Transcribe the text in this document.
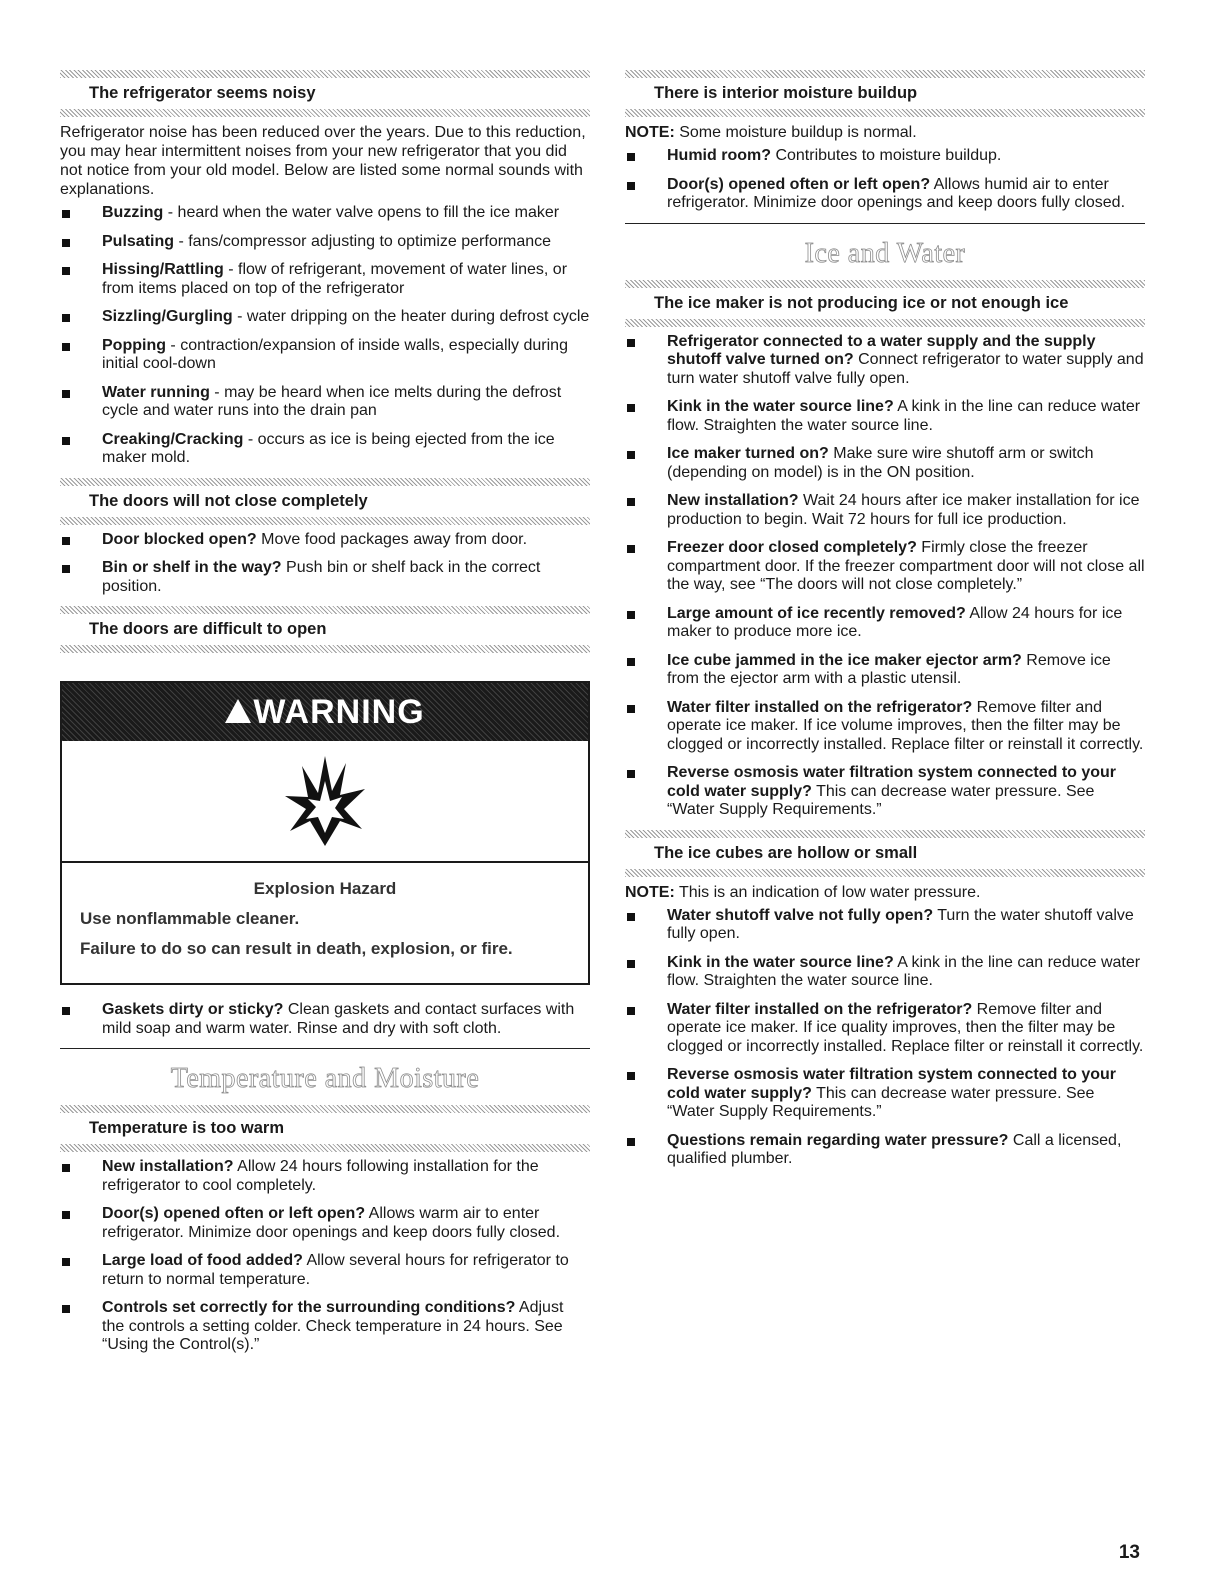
The refrigerator seems noisy

Refrigerator noise has been reduced over the years. Due to this reduction, you may hear intermittent noises from your new refrigerator that you did not notice from your old model. Below are listed some normal sounds with explanations.

Buzzing - heard when the water valve opens to fill the ice maker
Pulsating - fans/compressor adjusting to optimize performance
Hissing/Rattling - flow of refrigerant, movement of water lines, or from items placed on top of the refrigerator
Sizzling/Gurgling - water dripping on the heater during defrost cycle
Popping - contraction/expansion of inside walls, especially during initial cool-down
Water running - may be heard when ice melts during the defrost cycle and water runs into the drain pan
Creaking/Cracking - occurs as ice is being ejected from the ice maker mold.
The doors will not close completely
Door blocked open? Move food packages away from door.
Bin or shelf in the way? Push bin or shelf back in the correct position.
The doors are difficult to open
WARNING
Explosion Hazard
Use nonflammable cleaner.
Failure to do so can result in death, explosion, or fire.
Gaskets dirty or sticky? Clean gaskets and contact surfaces with mild soap and warm water. Rinse and dry with soft cloth.
Temperature and Moisture
Temperature is too warm
New installation? Allow 24 hours following installation for the refrigerator to cool completely.
Door(s) opened often or left open? Allows warm air to enter refrigerator. Minimize door openings and keep doors fully closed.
Large load of food added? Allow several hours for refrigerator to return to normal temperature.
Controls set correctly for the surrounding conditions? Adjust the controls a setting colder. Check temperature in 24 hours. See “Using the Control(s).”
There is interior moisture buildup

NOTE: Some moisture buildup is normal.

Humid room? Contributes to moisture buildup.
Door(s) opened often or left open? Allows humid air to enter refrigerator. Minimize door openings and keep doors fully closed.
Ice and Water
The ice maker is not producing ice or not enough ice
Refrigerator connected to a water supply and the supply shutoff valve turned on? Connect refrigerator to water supply and turn water shutoff valve fully open.
Kink in the water source line? A kink in the line can reduce water flow. Straighten the water source line.
Ice maker turned on? Make sure wire shutoff arm or switch (depending on model) is in the ON position.
New installation? Wait 24 hours after ice maker installation for ice production to begin. Wait 72 hours for full ice production.
Freezer door closed completely? Firmly close the freezer compartment door. If the freezer compartment door will not close all the way, see “The doors will not close completely.”
Large amount of ice recently removed? Allow 24 hours for ice maker to produce more ice.
Ice cube jammed in the ice maker ejector arm? Remove ice from the ejector arm with a plastic utensil.
Water filter installed on the refrigerator? Remove filter and operate ice maker. If ice volume improves, then the filter may be clogged or incorrectly installed. Replace filter or reinstall it correctly.
Reverse osmosis water filtration system connected to your cold water supply? This can decrease water pressure. See “Water Supply Requirements.”
The ice cubes are hollow or small

NOTE: This is an indication of low water pressure.

Water shutoff valve not fully open? Turn the water shutoff valve fully open.
Kink in the water source line? A kink in the line can reduce water flow. Straighten the water source line.
Water filter installed on the refrigerator? Remove filter and operate ice maker. If ice quality improves, then the filter may be clogged or incorrectly installed. Replace filter or reinstall it correctly.
Reverse osmosis water filtration system connected to your cold water supply? This can decrease water pressure. See “Water Supply Requirements.”
Questions remain regarding water pressure? Call a licensed, qualified plumber.
13
